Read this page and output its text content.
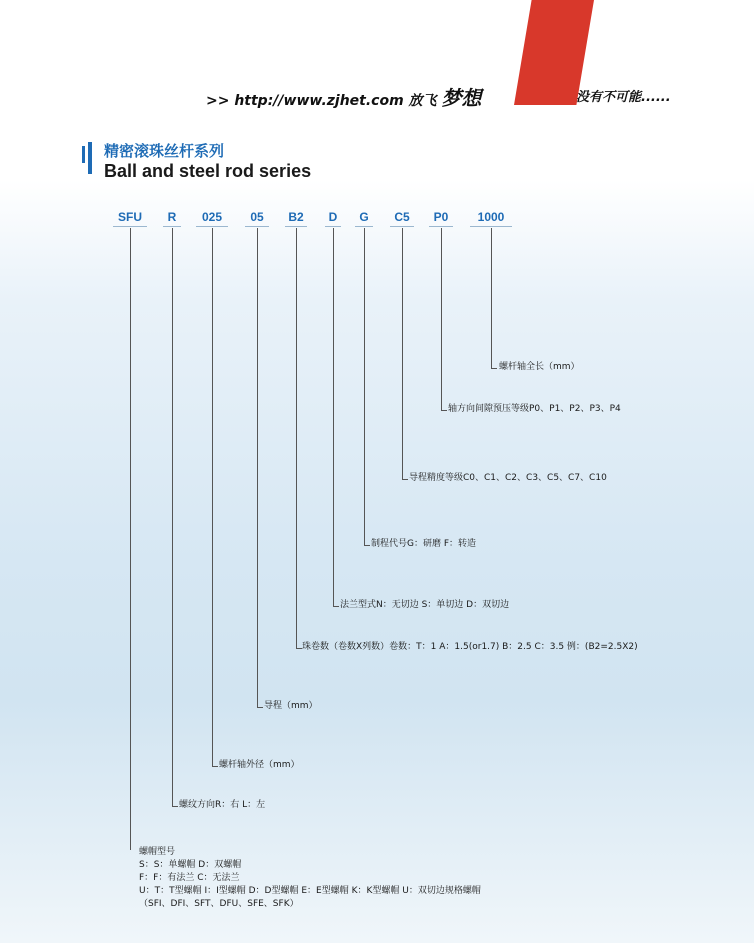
>> http://www.zjhet.com 放飞 梦想	没有不可能......
精密滚珠丝杆系列
Ball and steel rod series
SFU R 025 05 B2 D G C5 P0 1000
螺杆轴全长（mm）
轴方向间隙预压等级P0、P1、P2、P3、P4
导程精度等级C0、C1、C2、C3、C5、C7、C10
制程代号G：研磨 F：转造
法兰型式N：无切边 S：单切边 D：双切边
珠卷数（卷数X列数）卷数：T：1 A：1.5(or1.7) B：2.5 C：3.5 例：(B2=2.5X2)
导程（mm）
螺杆轴外径（mm）
螺纹方向R：右 L：左
螺帽型号
S：S：单螺帽 D：双螺帽
F：F：有法兰 C：无法兰
U：T：T型螺帽 I：I型螺帽 D：D型螺帽 E：E型螺帽 K：K型螺帽 U：双切边规格螺帽
（SFI、DFI、SFT、DFU、SFE、SFK）
